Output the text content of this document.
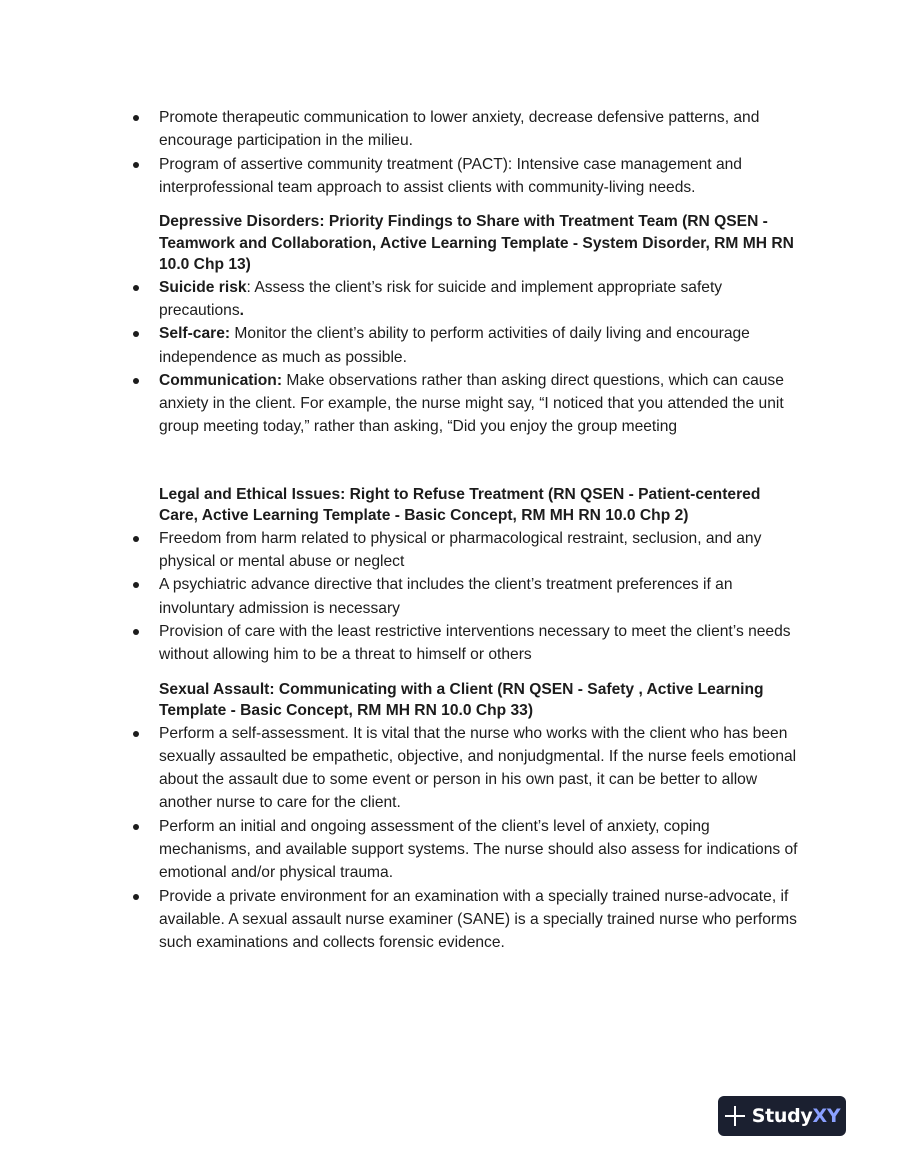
Promote therapeutic communication to lower anxiety, decrease defensive patterns, and encourage participation in the milieu.
Program of assertive community treatment (PACT): Intensive case management and interprofessional team approach to assist clients with community-living needs.

Depressive Disorders: Priority Findings to Share with Treatment Team (RN QSEN - Teamwork and Collaboration, Active Learning Template - System Disorder, RM MH RN 10.0 Chp 13)

Suicide risk: Assess the client’s risk for suicide and implement appropriate safety precautions.
Self-care: Monitor the client’s ability to perform activities of daily living and encourage independence as much as possible.
Communication: Make observations rather than asking direct questions, which can cause anxiety in the client. For example, the nurse might say, “I noticed that you attended the unit group meeting today,” rather than asking, “Did you enjoy the group meeting

Legal and Ethical Issues: Right to Refuse Treatment (RN QSEN - Patient-centered Care, Active Learning Template - Basic Concept, RM MH RN 10.0 Chp 2)

Freedom from harm related to physical or pharmacological restraint, seclusion, and any physical or mental abuse or neglect
A psychiatric advance directive that includes the client’s treatment preferences if an involuntary admission is necessary
Provision of care with the least restrictive interventions necessary to meet the client’s needs without allowing him to be a threat to himself or others

Sexual Assault: Communicating with a Client (RN QSEN - Safety , Active Learning Template - Basic Concept, RM MH RN 10.0 Chp 33)

Perform a self-assessment. It is vital that the nurse who works with the client who has been sexually assaulted be empathetic, objective, and nonjudgmental. If the nurse feels emotional about the assault due to some event or person in his own past, it can be better to allow another nurse to care for the client.
Perform an initial and ongoing assessment of the client’s level of anxiety, coping mechanisms, and available support systems. The nurse should also assess for indications of emotional and/or physical trauma.
Provide a private environment for an examination with a specially trained nurse-advocate, if available. A sexual assault nurse examiner (SANE) is a specially trained nurse who performs such examinations and collects forensic evidence.
StudyXY
